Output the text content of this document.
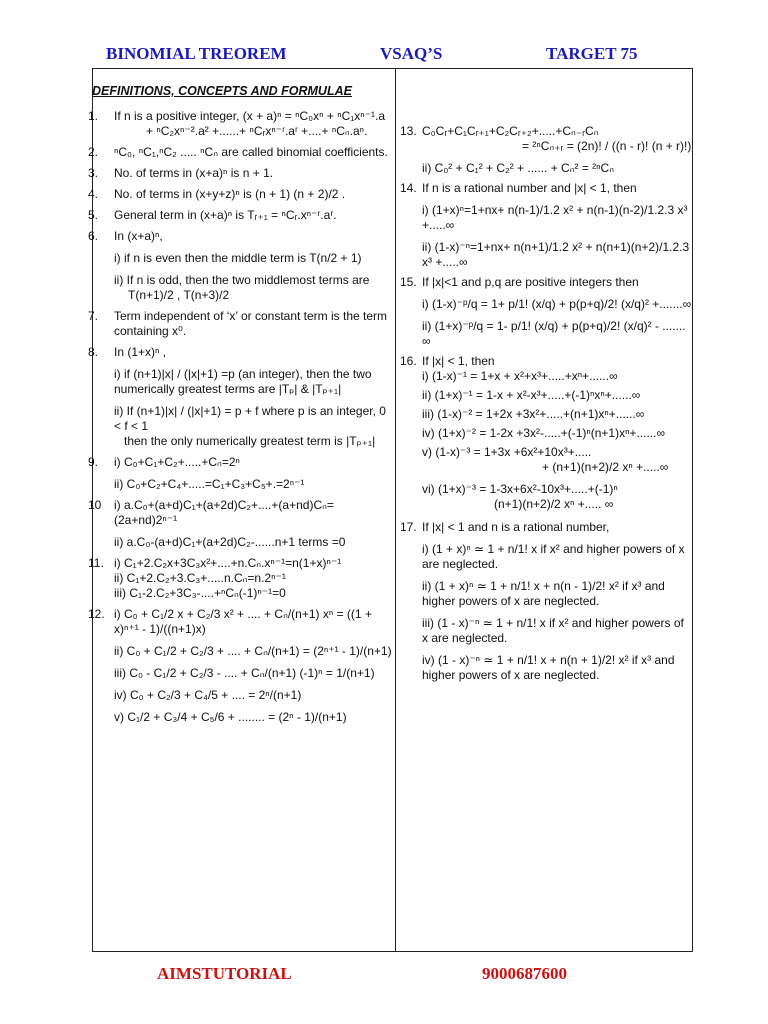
BINOMIAL TREOREM	VSAQ’S	TARGET 75
DEFINITIONS, CONCEPTS AND FORMULAE
1. If n is a positive integer, (x + a)ⁿ = ⁿC₀xⁿ + ⁿC₁xⁿ⁻¹.a
+ ⁿC₂xⁿ⁻².a² +......+ ⁿCᵣxⁿ⁻ʳ.aʳ +....+ ⁿCₙ.aⁿ.
2. ⁿC₀, ⁿC₁,ⁿC₂ ..... ⁿCₙ are called binomial coefficients.
3. No. of terms in (x+a)ⁿ is n + 1.
4. No. of terms in (x+y+z)ⁿ is (n + 1) (n + 2)/2 .
5. General term in (x+a)ⁿ is Tᵣ₊₁ = ⁿCᵣ.xⁿ⁻ʳ.aʳ.
6. In (x+a)ⁿ,
i) if n is even then the middle term is T(n/2 + 1)
ii) If n is odd, then the two middlemost terms are
T(n+1)/2 , T(n+3)/2
7. Term independent of ‘x’ or constant term is the term containing x⁰.
8. In (1+x)ⁿ ,
i) if (n+1)|x| / (|x|+1) =p (an integer), then the two numerically greatest terms are |Tₚ| & |Tₚ₊₁|
ii) If (n+1)|x| / (|x|+1) = p + f where p is an integer, 0 < f < 1
then the only numerically greatest term is |Tₚ₊₁|
9. i) C₀+C₁+C₂+.....+Cₙ=2ⁿ
ii) C₀+C₂+C₄+.....=C₁+C₃+C₅+.=2ⁿ⁻¹
10 i) a.C₀+(a+d)C₁+(a+2d)C₂+....+(a+nd)Cₙ=(2a+nd)2ⁿ⁻¹
ii) a.C₀-(a+d)C₁+(a+2d)C₂-......n+1 terms =0
11. i) C₁+2.C₂x+3C₃x²+....+n.Cₙ.xⁿ⁻¹=n(1+x)ⁿ⁻¹
ii) C₁+2.C₂+3.C₃+.....n.Cₙ=n.2ⁿ⁻¹
iii) C₁-2.C₂+3C₃-....+ⁿCₙ(-1)ⁿ⁻¹=0
12. i) C₀ + C₁/2 x + C₂/3 x² + .... + Cₙ/(n+1) xⁿ = ((1 + x)ⁿ⁺¹ - 1)/((n+1)x)
ii) C₀ + C₁/2 + C₂/3 + .... + Cₙ/(n+1) = (2ⁿ⁺¹ - 1)/(n+1)
iii) C₀ - C₁/2 + C₂/3 - .... + Cₙ/(n+1) (-1)ⁿ = 1/(n+1)
iv) C₀ + C₂/3 + C₄/5 + .... = 2ⁿ/(n+1)
v) C₁/2 + C₃/4 + C₅/6 + ........ = (2ⁿ - 1)/(n+1)
13. C₀Cᵣ+C₁Cᵣ₊₁+C₂Cᵣ₊₂+.....+Cₙ₋ᵣCₙ
= ²ⁿCₙ₊ᵣ = (2n)! / ((n - r)! (n + r)!)
ii) C₀² + C₁² + C₂² + ...... + Cₙ² = ²ⁿCₙ
14. If n is a rational number and |x| < 1, then
i) (1+x)ⁿ=1+nx+ n(n-1)/1.2 x² + n(n-1)(n-2)/1.2.3 x³ +.....∞
ii) (1-x)⁻ⁿ=1+nx+ n(n+1)/1.2 x² + n(n+1)(n+2)/1.2.3 x³ +.....∞
15. If |x|<1 and p,q are positive integers then
i) (1-x)⁻ᵖ/q = 1+ p/1! (x/q) + p(p+q)/2! (x/q)² +.......∞
ii) (1+x)⁻ᵖ/q = 1- p/1! (x/q) + p(p+q)/2! (x/q)² - ....... ∞
16. If |x| < 1, then
i) (1-x)⁻¹ = 1+x + x²+x³+.....+xⁿ+......∞
ii) (1+x)⁻¹ = 1-x + x²-x³+.....+(-1)ⁿxⁿ+......∞
iii) (1-x)⁻² = 1+2x +3x²+.....+(n+1)xⁿ+......∞
iv) (1+x)⁻² = 1-2x +3x²-.....+(-1)ⁿ(n+1)xⁿ+......∞
v) (1-x)⁻³ = 1+3x +6x²+10x³+.....
+ (n+1)(n+2)/2 xⁿ +.....∞
vi) (1+x)⁻³ = 1-3x+6x²-10x³+.....+(-1)ⁿ
(n+1)(n+2)/2 xⁿ +..... ∞
17. If |x| < 1 and n is a rational number,
i) (1 + x)ⁿ ≃ 1 + n/1! x if x² and higher powers of x are neglected.
ii) (1 + x)ⁿ ≃ 1 + n/1! x + n(n - 1)/2! x² if x³ and higher powers of x are neglected.
iii) (1 - x)⁻ⁿ ≃ 1 + n/1! x if x² and higher powers of x are neglected.
iv) (1 - x)⁻ⁿ ≃ 1 + n/1! x + n(n + 1)/2! x² if x³ and higher powers of x are neglected.
AIMSTUTORIAL	9000687600
